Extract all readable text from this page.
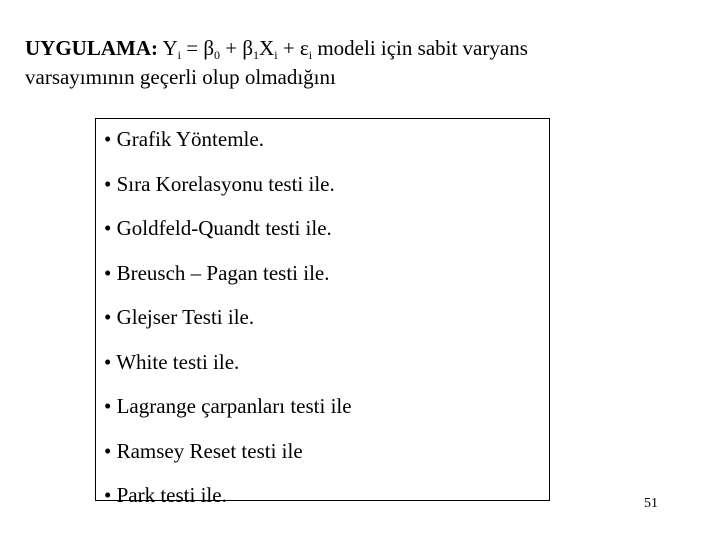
UYGULAMA: $Y_i = \beta_0 + \beta_1X_i + \varepsilon_i$ modeli için sabit varyans
varsayımının geçerli olup olmadığını
• Grafik Yöntemle.
• Sıra Korelasyonu testi ile.
• Goldfeld-Quandt testi ile.
• Breusch – Pagan testi ile.
• Glejser Testi ile.
• White testi ile.
• Lagrange çarpanları testi ile
• Ramsey Reset testi ile
• Park testi ile.	51
